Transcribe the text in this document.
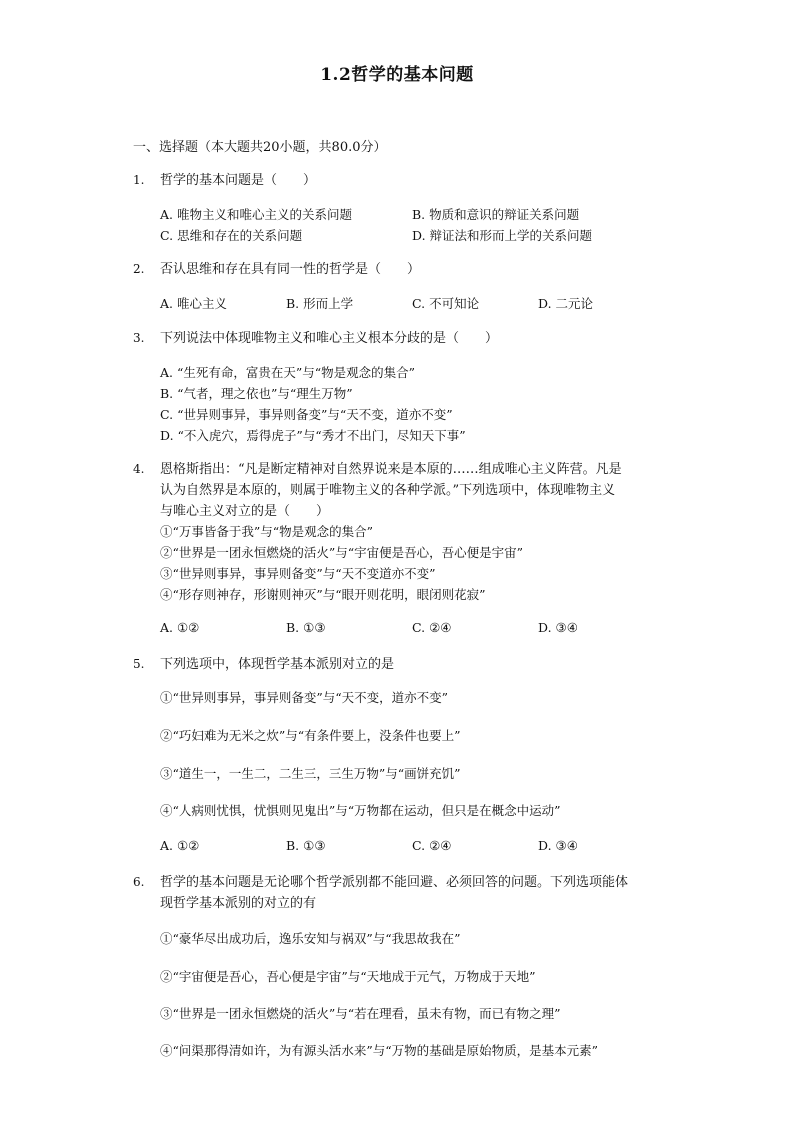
1.2哲学的基本问题
一、选择题（本大题共20小题，共80.0分）
1.	哲学的基本问题是（　　）
A. 唯物主义和唯心主义的关系问题	B. 物质和意识的辩证关系问题
C. 思维和存在的关系问题	D. 辩证法和形而上学的关系问题
2.	否认思维和存在具有同一性的哲学是（　　）
A. 唯心主义	B. 形而上学	C. 不可知论	D. 二元论
3.	下列说法中体现唯物主义和唯心主义根本分歧的是（　　）
A. “生死有命，富贵在天”与“物是观念的集合”
B. “气者，理之依也”与“理生万物”
C. “世异则事异，事异则备变”与“天不变，道亦不变”
D. “不入虎穴，焉得虎子”与“秀才不出门，尽知天下事”
4.	恩格斯指出：“凡是断定精神对自然界说来是本原的……组成唯心主义阵营。凡是
认为自然界是本原的，则属于唯物主义的各种学派。”下列选项中，体现唯物主义
与唯心主义对立的是（　　）
①“万事皆备于我”与“物是观念的集合”
②“世界是一团永恒燃烧的活火”与“宇宙便是吾心，吾心便是宇宙”
③“世异则事异，事异则备变”与“天不变道亦不变”
④“形存则神存，形谢则神灭”与“眼开则花明，眼闭则花寂”
A. ①②	B. ①③	C. ②④	D. ③④
5.	下列选项中，体现哲学基本派别对立的是
①“世异则事异，事异则备变”与“天不变，道亦不变”
②“巧妇难为无米之炊”与“有条件要上，没条件也要上”
③“道生一，一生二，二生三，三生万物”与“画饼充饥”
④“人病则忧惧，忧惧则见鬼出”与“万物都在运动，但只是在概念中运动”
A. ①②	B. ①③	C. ②④	D. ③④
6.	哲学的基本问题是无论哪个哲学派别都不能回避、必须回答的问题。下列选项能体
现哲学基本派别的对立的有
①“豪华尽出成功后，逸乐安知与祸双”与“我思故我在”
②“宇宙便是吾心，吾心便是宇宙”与“天地成于元气，万物成于天地”
③“世界是一团永恒燃烧的活火”与“若在理看，虽未有物，而已有物之理”
④“问渠那得清如许，为有源头活水来”与“万物的基础是原始物质，是基本元素”
